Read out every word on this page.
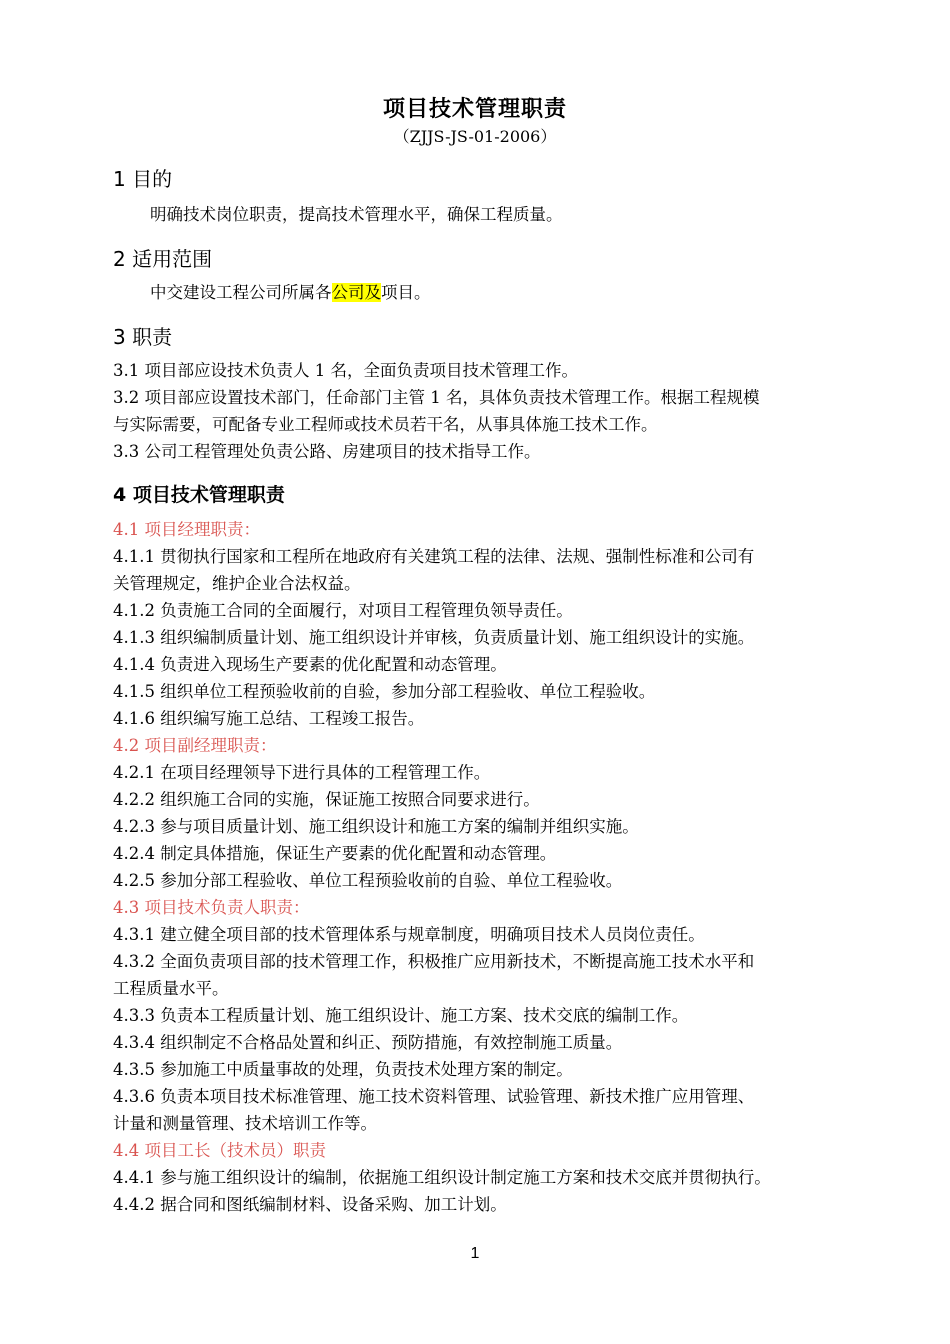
项目技术管理职责
（ZJJS-JS-01-2006）
1 目的
明确技术岗位职责，提高技术管理水平，确保工程质量。
2 适用范围
中交建设工程公司所属各公司及项目。
3 职责
3.1 项目部应设技术负责人 1 名，全面负责项目技术管理工作。
3.2 项目部应设置技术部门，任命部门主管 1 名，具体负责技术管理工作。根据工程规模
与实际需要，可配备专业工程师或技术员若干名，从事具体施工技术工作。
3.3 公司工程管理处负责公路、房建项目的技术指导工作。
4 项目技术管理职责
4.1 项目经理职责：
4.1.1 贯彻执行国家和工程所在地政府有关建筑工程的法律、法规、强制性标准和公司有
关管理规定，维护企业合法权益。
4.1.2 负责施工合同的全面履行，对项目工程管理负领导责任。
4.1.3 组织编制质量计划、施工组织设计并审核，负责质量计划、施工组织设计的实施。
4.1.4 负责进入现场生产要素的优化配置和动态管理。
4.1.5 组织单位工程预验收前的自验，参加分部工程验收、单位工程验收。
4.1.6 组织编写施工总结、工程竣工报告。
4.2 项目副经理职责：
4.2.1 在项目经理领导下进行具体的工程管理工作。
4.2.2 组织施工合同的实施，保证施工按照合同要求进行。
4.2.3 参与项目质量计划、施工组织设计和施工方案的编制并组织实施。
4.2.4 制定具体措施，保证生产要素的优化配置和动态管理。
4.2.5 参加分部工程验收、单位工程预验收前的自验、单位工程验收。
4.3 项目技术负责人职责：
4.3.1 建立健全项目部的技术管理体系与规章制度，明确项目技术人员岗位责任。
4.3.2 全面负责项目部的技术管理工作，积极推广应用新技术，不断提高施工技术水平和
工程质量水平。
4.3.3 负责本工程质量计划、施工组织设计、施工方案、技术交底的编制工作。
4.3.4 组织制定不合格品处置和纠正、预防措施，有效控制施工质量。
4.3.5 参加施工中质量事故的处理，负责技术处理方案的制定。
4.3.6 负责本项目技术标准管理、施工技术资料管理、试验管理、新技术推广应用管理、
计量和测量管理、技术培训工作等。
4.4 项目工长（技术员）职责
4.4.1 参与施工组织设计的编制，依据施工组织设计制定施工方案和技术交底并贯彻执行。
4.4.2 据合同和图纸编制材料、设备采购、加工计划。
1
